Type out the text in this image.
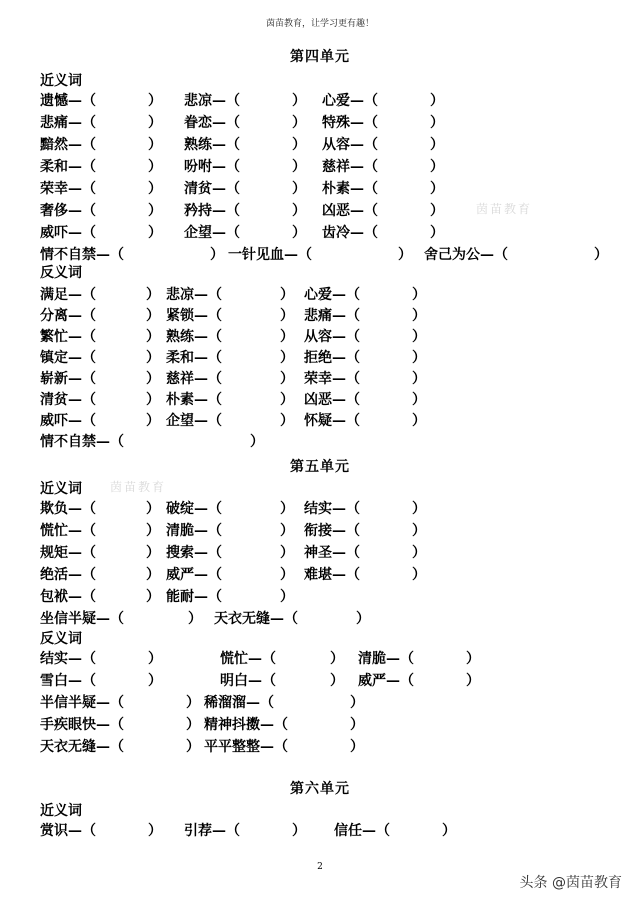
茵苗教育，让学习更有趣！
第四单元
近义词
遗憾—（	） 悲凉—（	） 心爱—（	）
悲痛—（	） 眷恋—（	） 特殊—（	）
黯然—（	） 熟练—（	） 从容—（	）
柔和—（	） 吩咐—（	） 慈祥—（	）
荣幸—（	） 清贫—（	） 朴素—（	）
奢侈—（	） 矜持—（	） 凶恶—（	）
威吓—（	） 企望—（	） 齿冷—（	）
情不自禁—（	） 一针见血—（	） 舍己为公—（	）
反义词
满足—（	） 悲凉—（	） 心爱—（	）
分离—（	） 紧锁—（	） 悲痛—（	）
繁忙—（	） 熟练—（	） 从容—（	）
镇定—（	） 柔和—（	） 拒绝—（	）
崭新—（	） 慈祥—（	） 荣幸—（	）
清贫—（	） 朴素—（	） 凶恶—（	）
威吓—（	） 企望—（	） 怀疑—（	）
情不自禁—（	）
第五单元
近义词
欺负—（	） 破绽—（	） 结实—（	）
慌忙—（	） 清脆—（	） 衔接—（	）
规矩—（	） 搜索—（	） 神圣—（	）
绝活—（	） 威严—（	） 难堪—（	）
包袱—（	） 能耐—（	）
坐信半疑—（	） 天衣无缝—（	）
反义词
结实—（	）	慌忙—（	） 清脆—（	）
雪白—（	）	明白—（	） 威严—（	）
半信半疑—（	） 稀溜溜—（	）
手疾眼快—（	） 精神抖擞—（	）
天衣无缝—（	） 平平整整—（	）
第六单元
近义词
赏识—（	） 引荐—（	） 信任—（	）
茵苗教育
茵苗教育
2
头条 @茵苗教育
